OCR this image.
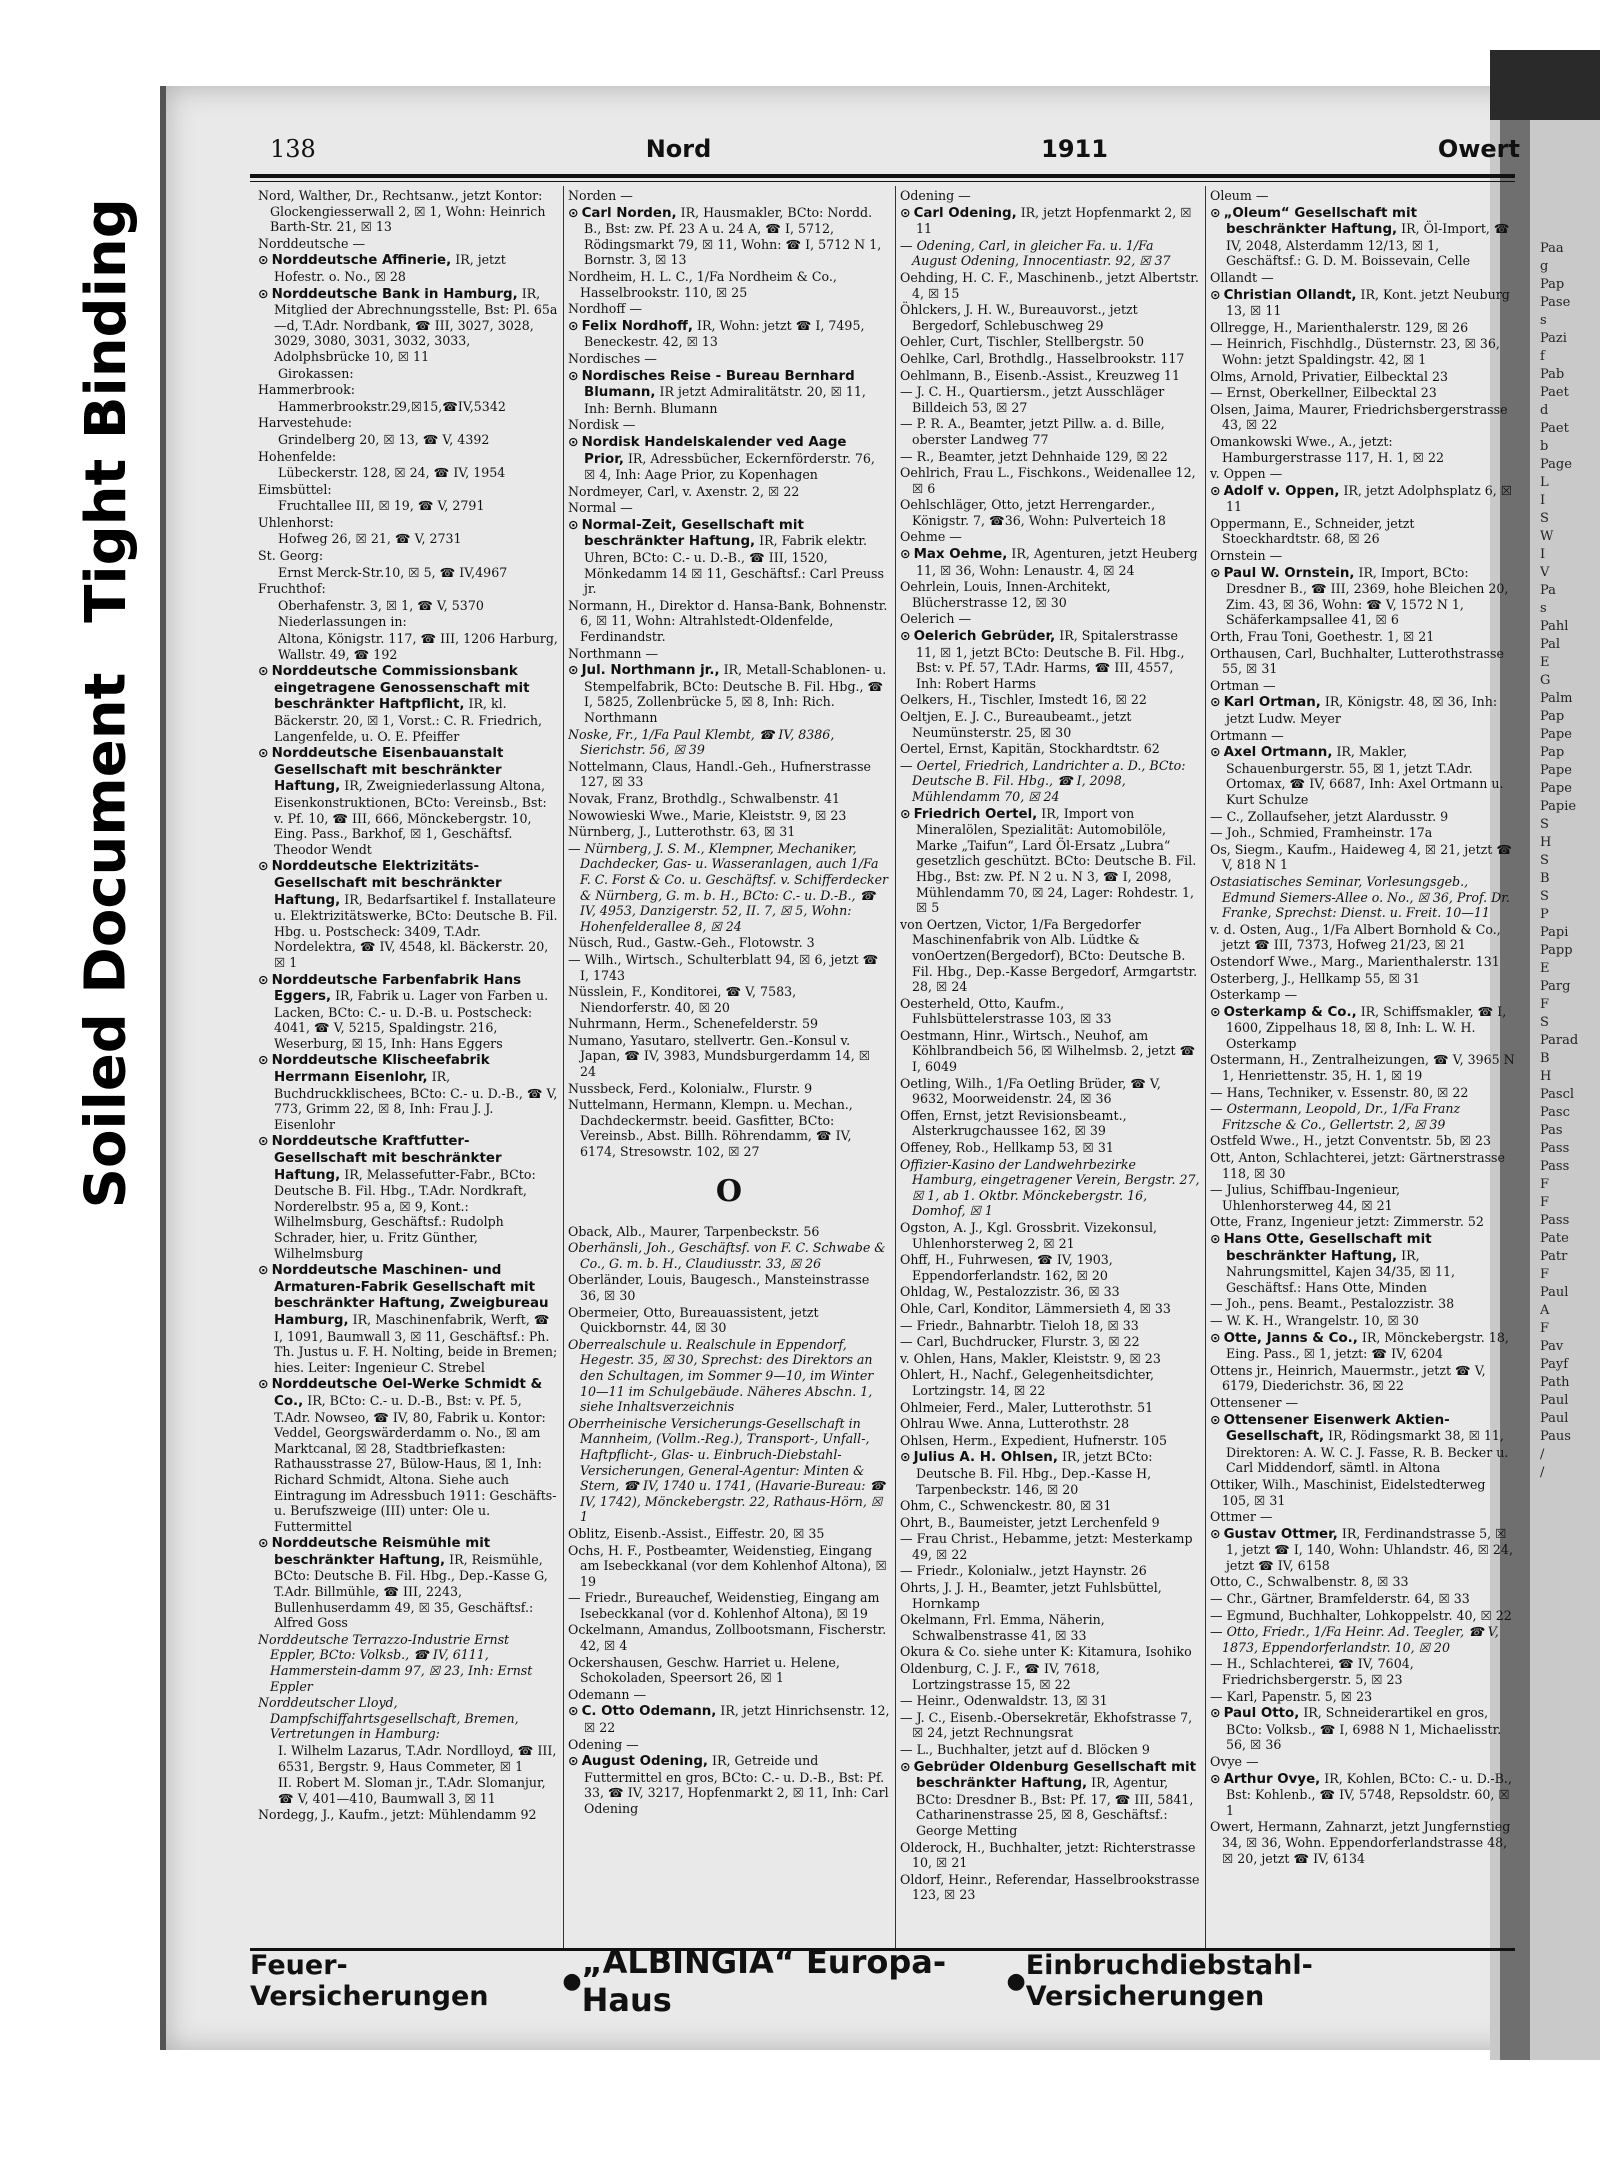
Tight Binding
Soiled Document
Paa
g
Pap
Pase
s
Pazi
f
Pab
Paet
d
Paet
b
Page
L
I
S
W
I
V
Pa
s
Pahl
Pal
E
G
Palm
Pap
Pape
Pap
Pape
Pape
Papie
S
H
S
B
S
P
Papi
Papp
E
Parg
F
S
Parad
B
H
Pascl
Pasc
Pas
Pass
Pass
F
F
Pass
Pate
Patr
F
Paul
A
F
Pav
Payf
Path
Paul
Paul
Paus
/
/
138	Nord	1911	Owert
Nord, Walther, Dr., Rechtsanw., jetzt Kontor: Glockengiesserwall 2, ☒ 1, Wohn: Heinrich Barth-Str. 21, ☒ 13
Norddeutsche —
⊙ Norddeutsche Affinerie, IR, jetzt Hofestr. o. No., ☒ 28
⊙ Norddeutsche Bank in Hamburg, IR, Mitglied der Abrechnungsstelle, Bst: Pl. 65a—d, T.Adr. Nordbank, ☎ III, 3027, 3028, 3029, 3080, 3031, 3032, 3033, Adolphsbrücke 10, ☒ 11
Girokassen:
Hammerbrook:
Hammerbrookstr.29,☒15,☎IV,5342
Harvestehude:
Grindelberg 20, ☒ 13, ☎ V, 4392
Hohenfelde:
Lübeckerstr. 128, ☒ 24, ☎ IV, 1954
Eimsbüttel:
Fruchtallee III, ☒ 19, ☎ V, 2791
Uhlenhorst:
Hofweg 26, ☒ 21, ☎ V, 2731
St. Georg:
Ernst Merck-Str.10, ☒ 5, ☎ IV,4967
Fruchthof:
Oberhafenstr. 3, ☒ 1, ☎ V, 5370
Niederlassungen in:
Altona, Königstr. 117, ☎ III, 1206 Harburg, Wallstr. 49, ☎ 192
⊙ Norddeutsche Commissionsbank eingetragene Genossenschaft mit beschränkter Haftpflicht, IR, kl. Bäckerstr. 20, ☒ 1, Vorst.: C. R. Friedrich, Langenfelde, u. O. E. Pfeiffer
⊙ Norddeutsche Eisenbauanstalt Gesellschaft mit beschränkter Haftung, IR, Zweigniederlassung Altona, Eisenkonstruktionen, BCto: Vereinsb., Bst: v. Pf. 10, ☎ III, 666, Mönckebergstr. 10, Eing. Pass., Barkhof, ☒ 1, Geschäftsf. Theodor Wendt
⊙ Norddeutsche Elektrizitäts-Gesellschaft mit beschränkter Haftung, IR, Bedarfsartikel f. Installateure u. Elektrizitätswerke, BCto: Deutsche B. Fil. Hbg. u. Postscheck: 3409, T.Adr. Nordelektra, ☎ IV, 4548, kl. Bäckerstr. 20, ☒ 1
⊙ Norddeutsche Farbenfabrik Hans Eggers, IR, Fabrik u. Lager von Farben u. Lacken, BCto: C.- u. D.-B. u. Postscheck: 4041, ☎ V, 5215, Spaldingstr. 216, Weserburg, ☒ 15, Inh: Hans Eggers
⊙ Norddeutsche Klischeefabrik Herrmann Eisenlohr, IR, Buchdruckklischees, BCto: C.- u. D.-B., ☎ V, 773, Grimm 22, ☒ 8, Inh: Frau J. J. Eisenlohr
⊙ Norddeutsche Kraftfutter-Gesellschaft mit beschränkter Haftung, IR, Melassefutter-Fabr., BCto: Deutsche B. Fil. Hbg., T.Adr. Nordkraft, Norderelbstr. 95 a, ☒ 9, Kont.: Wilhelmsburg, Geschäftsf.: Rudolph Schrader, hier, u. Fritz Günther, Wilhelmsburg
⊙ Norddeutsche Maschinen- und Armaturen-Fabrik Gesellschaft mit beschränkter Haftung, Zweigbureau Hamburg, IR, Maschinenfabrik, Werft, ☎ I, 1091, Baumwall 3, ☒ 11, Geschäftsf.: Ph. Th. Justus u. F. H. Nolting, beide in Bremen; hies. Leiter: Ingenieur C. Strebel
⊙ Norddeutsche Oel-Werke Schmidt & Co., IR, BCto: C.- u. D.-B., Bst: v. Pf. 5, T.Adr. Nowseo, ☎ IV, 80, Fabrik u. Kontor: Veddel, Georgswärderdamm o. No., ☒ am Marktcanal, ☒ 28, Stadtbriefkasten: Rathausstrasse 27, Bülow-Haus, ☒ 1, Inh: Richard Schmidt, Altona. Siehe auch Eintragung im Adressbuch 1911: Geschäfts- u. Berufszweige (III) unter: Ole u. Futtermittel
⊙ Norddeutsche Reismühle mit beschränkter Haftung, IR, Reismühle, BCto: Deutsche B. Fil. Hbg., Dep.-Kasse G, T.Adr. Billmühle, ☎ III, 2243, Bullenhuserdamm 49, ☒ 35, Geschäftsf.: Alfred Goss
Norddeutsche Terrazzo-Industrie Ernst Eppler, BCto: Volksb., ☎ IV, 6111, Hammerstein-damm 97, ☒ 23, Inh: Ernst Eppler
Norddeutscher Lloyd, Dampfschiffahrtsgesellschaft, Bremen, Vertretungen in Hamburg:
I. Wilhelm Lazarus, T.Adr. Nordlloyd, ☎ III, 6531, Bergstr. 9, Haus Commeter, ☒ 1
II. Robert M. Sloman jr., T.Adr. Slomanjur, ☎ V, 401—410, Baumwall 3, ☒ 11
Nordegg, J., Kaufm., jetzt: Mühlendamm 92
Norden —
⊙ Carl Norden, IR, Hausmakler, BCto: Nordd. B., Bst: zw. Pf. 23 A u. 24 A, ☎ I, 5712, Rödingsmarkt 79, ☒ 11, Wohn: ☎ I, 5712 N 1, Bornstr. 3, ☒ 13
Nordheim, H. L. C., 1/Fa Nordheim & Co., Hasselbrookstr. 110, ☒ 25
Nordhoff —
⊙ Felix Nordhoff, IR, Wohn: jetzt ☎ I, 7495, Beneckestr. 42, ☒ 13
Nordisches —
⊙ Nordisches Reise - Bureau Bernhard Blumann, IR jetzt Admiralitätstr. 20, ☒ 11, Inh: Bernh. Blumann
Nordisk —
⊙ Nordisk Handelskalender ved Aage Prior, IR, Adressbücher, Eckernförderstr. 76, ☒ 4, Inh: Aage Prior, zu Kopenhagen
Nordmeyer, Carl, v. Axenstr. 2, ☒ 22
Normal —
⊙ Normal-Zeit, Gesellschaft mit beschränkter Haftung, IR, Fabrik elektr. Uhren, BCto: C.- u. D.-B., ☎ III, 1520, Mönkedamm 14 ☒ 11, Geschäftsf.: Carl Preuss jr.
Normann, H., Direktor d. Hansa-Bank, Bohnenstr. 6, ☒ 11, Wohn: Altrahlstedt-Oldenfelde, Ferdinandstr.
Northmann —
⊙ Jul. Northmann jr., IR, Metall-Schablonen- u. Stempelfabrik, BCto: Deutsche B. Fil. Hbg., ☎ I, 5825, Zollenbrücke 5, ☒ 8, Inh: Rich. Northmann
Noske, Fr., 1/Fa Paul Klembt, ☎ IV, 8386, Sierichstr. 56, ☒ 39
Nottelmann, Claus, Handl.-Geh., Hufnerstrasse 127, ☒ 33
Novak, Franz, Brothdlg., Schwalbenstr. 41
Nowowieski Wwe., Marie, Kleiststr. 9, ☒ 23
Nürnberg, J., Lutterothstr. 63, ☒ 31
— Nürnberg, J. S. M., Klempner, Mechaniker, Dachdecker, Gas- u. Wasseranlagen, auch 1/Fa F. C. Forst & Co. u. Geschäftsf. v. Schifferdecker & Nürnberg, G. m. b. H., BCto: C.- u. D.-B., ☎ IV, 4953, Danzigerstr. 52, II. 7, ☒ 5, Wohn: Hohenfelderallee 8, ☒ 24
Nüsch, Rud., Gastw.-Geh., Flotowstr. 3
— Wilh., Wirtsch., Schulterblatt 94, ☒ 6, jetzt ☎ I, 1743
Nüsslein, F., Konditorei, ☎ V, 7583, Niendorferstr. 40, ☒ 20
Nuhrmann, Herm., Schenefelderstr. 59
Numano, Yasutaro, stellvertr. Gen.-Konsul v. Japan, ☎ IV, 3983, Mundsburgerdamm 14, ☒ 24
Nussbeck, Ferd., Kolonialw., Flurstr. 9
Nuttelmann, Hermann, Klempn. u. Mechan., Dachdeckermstr. beeid. Gasfitter, BCto: Vereinsb., Abst. Billh. Röhrendamm, ☎ IV, 6174, Stresowstr. 102, ☒ 27
O
Oback, Alb., Maurer, Tarpenbeckstr. 56
Oberhänsli, Joh., Geschäftsf. von F. C. Schwabe & Co., G. m. b. H., Claudiusstr. 33, ☒ 26
Oberländer, Louis, Baugesch., Mansteinstrasse 36, ☒ 30
Obermeier, Otto, Bureauassistent, jetzt Quickbornstr. 44, ☒ 30
Oberrealschule u. Realschule in Eppendorf, Hegestr. 35, ☒ 30, Sprechst: des Direktors an den Schultagen, im Sommer 9—10, im Winter 10—11 im Schulgebäude. Näheres Abschn. 1, siehe Inhaltsverzeichnis
Oberrheinische Versicherungs-Gesellschaft in Mannheim, (Vollm.-Reg.), Transport-, Unfall-, Haftpflicht-, Glas- u. Einbruch-Diebstahl-Versicherungen, General-Agentur: Minten & Stern, ☎ IV, 1740 u. 1741, (Havarie-Bureau: ☎ IV, 1742), Mönckebergstr. 22, Rathaus-Hörn, ☒ 1
Oblitz, Eisenb.-Assist., Eiffestr. 20, ☒ 35
Ochs, H. F., Postbeamter, Weidenstieg, Eingang am Isebeckkanal (vor dem Kohlenhof Altona), ☒ 19
— Friedr., Bureauchef, Weidenstieg, Eingang am Isebeckkanal (vor d. Kohlenhof Altona), ☒ 19
Ockelmann, Amandus, Zollbootsmann, Fischerstr. 42, ☒ 4
Ockershausen, Geschw. Harriet u. Helene, Schokoladen, Speersort 26, ☒ 1
Odemann —
⊙ C. Otto Odemann, IR, jetzt Hinrichsenstr. 12, ☒ 22
Odening —
⊙ August Odening, IR, Getreide und Futtermittel en gros, BCto: C.- u. D.-B., Bst: Pf. 33, ☎ IV, 3217, Hopfenmarkt 2, ☒ 11, Inh: Carl Odening
Odening —
⊙ Carl Odening, IR, jetzt Hopfenmarkt 2, ☒ 11
— Odening, Carl, in gleicher Fa. u. 1/Fa August Odening, Innocentiastr. 92, ☒ 37
Oehding, H. C. F., Maschinenb., jetzt Albertstr. 4, ☒ 15
Öhlckers, J. H. W., Bureauvorst., jetzt Bergedorf, Schlebuschweg 29
Oehler, Curt, Tischler, Stellbergstr. 50
Oehlke, Carl, Brothdlg., Hasselbrookstr. 117
Oehlmann, B., Eisenb.-Assist., Kreuzweg 11
— J. C. H., Quartiersm., jetzt Ausschläger Billdeich 53, ☒ 27
— P. R. A., Beamter, jetzt Pillw. a. d. Bille, oberster Landweg 77
— R., Beamter, jetzt Dehnhaide 129, ☒ 22
Oehlrich, Frau L., Fischkons., Weidenallee 12, ☒ 6
Oehlschläger, Otto, jetzt Herrengarder., Königstr. 7, ☎36, Wohn: Pulverteich 18
Oehme —
⊙ Max Oehme, IR, Agenturen, jetzt Heuberg 11, ☒ 36, Wohn: Lenaustr. 4, ☒ 24
Oehrlein, Louis, Innen-Architekt, Blücherstrasse 12, ☒ 30
Oelerich —
⊙ Oelerich Gebrüder, IR, Spitalerstrasse 11, ☒ 1, jetzt BCto: Deutsche B. Fil. Hbg., Bst: v. Pf. 57, T.Adr. Harms, ☎ III, 4557, Inh: Robert Harms
Oelkers, H., Tischler, Imstedt 16, ☒ 22
Oeltjen, E. J. C., Bureaubeamt., jetzt Neumünsterstr. 25, ☒ 30
Oertel, Ernst, Kapitän, Stockhardtstr. 62
— Oertel, Friedrich, Landrichter a. D., BCto: Deutsche B. Fil. Hbg., ☎ I, 2098, Mühlendamm 70, ☒ 24
⊙ Friedrich Oertel, IR, Import von Mineralölen, Spezialität: Automobilöle, Marke „Taifun“, Lard Öl-Ersatz „Lubra“ gesetzlich geschützt. BCto: Deutsche B. Fil. Hbg., Bst: zw. Pf. N 2 u. N 3, ☎ I, 2098, Mühlendamm 70, ☒ 24, Lager: Rohdestr. 1, ☒ 5
von Oertzen, Victor, 1/Fa Bergedorfer Maschinenfabrik von Alb. Lüdtke & vonOertzen(Bergedorf), BCto: Deutsche B. Fil. Hbg., Dep.-Kasse Bergedorf, Armgartstr. 28, ☒ 24
Oesterheld, Otto, Kaufm., Fuhlsbüttelerstrasse 103, ☒ 33
Oestmann, Hinr., Wirtsch., Neuhof, am Köhlbrandbeich 56, ☒ Wilhelmsb. 2, jetzt ☎ I, 6049
Oetling, Wilh., 1/Fa Oetling Brüder, ☎ V, 9632, Moorweidenstr. 24, ☒ 36
Offen, Ernst, jetzt Revisionsbeamt., Alsterkrugchaussee 162, ☒ 39
Offeney, Rob., Hellkamp 53, ☒ 31
Offizier-Kasino der Landwehrbezirke Hamburg, eingetragener Verein, Bergstr. 27, ☒ 1, ab 1. Oktbr. Mönckebergstr. 16, Domhof, ☒ 1
Ogston, A. J., Kgl. Grossbrit. Vizekonsul, Uhlenhorsterweg 2, ☒ 21
Ohff, H., Fuhrwesen, ☎ IV, 1903, Eppendorferlandstr. 162, ☒ 20
Ohldag, W., Pestalozzistr. 36, ☒ 33
Ohle, Carl, Konditor, Lämmersieth 4, ☒ 33
— Friedr., Bahnarbtr. Tieloh 18, ☒ 33
— Carl, Buchdrucker, Flurstr. 3, ☒ 22
v. Ohlen, Hans, Makler, Kleiststr. 9, ☒ 23
Ohlert, H., Nachf., Gelegenheitsdichter, Lortzingstr. 14, ☒ 22
Ohlmeier, Ferd., Maler, Lutterothstr. 51
Ohlrau Wwe. Anna, Lutterothstr. 28
Ohlsen, Herm., Expedient, Hufnerstr. 105
⊙ Julius A. H. Ohlsen, IR, jetzt BCto: Deutsche B. Fil. Hbg., Dep.-Kasse H, Tarpenbeckstr. 146, ☒ 20
Ohm, C., Schwenckestr. 80, ☒ 31
Ohrt, B., Baumeister, jetzt Lerchenfeld 9
— Frau Christ., Hebamme, jetzt: Mesterkamp 49, ☒ 22
— Friedr., Kolonialw., jetzt Haynstr. 26
Ohrts, J. J. H., Beamter, jetzt Fuhlsbüttel, Hornkamp
Okelmann, Frl. Emma, Näherin, Schwalbenstrasse 41, ☒ 33
Okura & Co. siehe unter K: Kitamura, Isohiko
Oldenburg, C. J. F., ☎ IV, 7618, Lortzingstrasse 15, ☒ 22
— Heinr., Odenwaldstr. 13, ☒ 31
— J. C., Eisenb.-Obersekretär, Ekhofstrasse 7, ☒ 24, jetzt Rechnungsrat
— L., Buchhalter, jetzt auf d. Blöcken 9
⊙ Gebrüder Oldenburg Gesellschaft mit beschränkter Haftung, IR, Agentur, BCto: Dresdner B., Bst: Pf. 17, ☎ III, 5841, Catharinenstrasse 25, ☒ 8, Geschäftsf.: George Metting
Olderock, H., Buchhalter, jetzt: Richterstrasse 10, ☒ 21
Oldorf, Heinr., Referendar, Hasselbrookstrasse 123, ☒ 23
Oleum —
⊙ „Oleum“ Gesellschaft mit beschränkter Haftung, IR, Öl-Import, ☎ IV, 2048, Alsterdamm 12/13, ☒ 1, Geschäftsf.: G. D. M. Boissevain, Celle
Ollandt —
⊙ Christian Ollandt, IR, Kont. jetzt Neuburg 13, ☒ 11
Ollregge, H., Marienthalerstr. 129, ☒ 26
— Heinrich, Fischhdlg., Düsternstr. 23, ☒ 36, Wohn: jetzt Spaldingstr. 42, ☒ 1
Olms, Arnold, Privatier, Eilbecktal 23
— Ernst, Oberkellner, Eilbecktal 23
Olsen, Jaima, Maurer, Friedrichsbergerstrasse 43, ☒ 22
Omankowski Wwe., A., jetzt: Hamburgerstrasse 117, H. 1, ☒ 22
v. Oppen —
⊙ Adolf v. Oppen, IR, jetzt Adolphsplatz 6, ☒ 11
Oppermann, E., Schneider, jetzt Stoeckhardtstr. 68, ☒ 26
Ornstein —
⊙ Paul W. Ornstein, IR, Import, BCto: Dresdner B., ☎ III, 2369, hohe Bleichen 20, Zim. 43, ☒ 36, Wohn: ☎ V, 1572 N 1, Schäferkampsallee 41, ☒ 6
Orth, Frau Toni, Goethestr. 1, ☒ 21
Orthausen, Carl, Buchhalter, Lutterothstrasse 55, ☒ 31
Ortman —
⊙ Karl Ortman, IR, Königstr. 48, ☒ 36, Inh: jetzt Ludw. Meyer
Ortmann —
⊙ Axel Ortmann, IR, Makler, Schauenburgerstr. 55, ☒ 1, jetzt T.Adr. Ortomax, ☎ IV, 6687, Inh: Axel Ortmann u. Kurt Schulze
— C., Zollaufseher, jetzt Alardusstr. 9
— Joh., Schmied, Framheinstr. 17a
Os, Siegm., Kaufm., Haideweg 4, ☒ 21, jetzt ☎ V, 818 N 1
Ostasiatisches Seminar, Vorlesungsgeb., Edmund Siemers-Allee o. No., ☒ 36, Prof. Dr. Franke, Sprechst: Dienst. u. Freit. 10—11
v. d. Osten, Aug., 1/Fa Albert Bornhold & Co., jetzt ☎ III, 7373, Hofweg 21/23, ☒ 21
Ostendorf Wwe., Marg., Marienthalerstr. 131
Osterberg, J., Hellkamp 55, ☒ 31
Osterkamp —
⊙ Osterkamp & Co., IR, Schiffsmakler, ☎ I, 1600, Zippelhaus 18, ☒ 8, Inh: L. W. H. Osterkamp
Ostermann, H., Zentralheizungen, ☎ V, 3965 N 1, Henriettenstr. 35, H. 1, ☒ 19
— Hans, Techniker, v. Essenstr. 80, ☒ 22
— Ostermann, Leopold, Dr., 1/Fa Franz Fritzsche & Co., Gellertstr. 2, ☒ 39
Ostfeld Wwe., H., jetzt Conventstr. 5b, ☒ 23
Ott, Anton, Schlachterei, jetzt: Gärtnerstrasse 118, ☒ 30
— Julius, Schiffbau-Ingenieur, Uhlenhorsterweg 44, ☒ 21
Otte, Franz, Ingenieur jetzt: Zimmerstr. 52
⊙ Hans Otte, Gesellschaft mit beschränkter Haftung, IR, Nahrungsmittel, Kajen 34/35, ☒ 11, Geschäftsf.: Hans Otte, Minden
— Joh., pens. Beamt., Pestalozzistr. 38
— W. K. H., Wrangelstr. 10, ☒ 30
⊙ Otte, Janns & Co., IR, Mönckebergstr. 18, Eing. Pass., ☒ 1, jetzt: ☎ IV, 6204
Ottens jr., Heinrich, Mauermstr., jetzt ☎ V, 6179, Diederichstr. 36, ☒ 22
Ottensener —
⊙ Ottensener Eisenwerk Aktien-Gesellschaft, IR, Rödingsmarkt 38, ☒ 11, Direktoren: A. W. C. J. Fasse, R. B. Becker u. Carl Middendorf, sämtl. in Altona
Ottiker, Wilh., Maschinist, Eidelstedterweg 105, ☒ 31
Ottmer —
⊙ Gustav Ottmer, IR, Ferdinandstrasse 5, ☒ 1, jetzt ☎ I, 140, Wohn: Uhlandstr. 46, ☒ 24, jetzt ☎ IV, 6158
Otto, C., Schwalbenstr. 8, ☒ 33
— Chr., Gärtner, Bramfelderstr. 64, ☒ 33
— Egmund, Buchhalter, Lohkoppelstr. 40, ☒ 22
— Otto, Friedr., 1/Fa Heinr. Ad. Teegler, ☎ V, 1873, Eppendorferlandstr. 10, ☒ 20
— H., Schlachterei, ☎ IV, 7604, Friedrichsbergerstr. 5, ☒ 23
— Karl, Papenstr. 5, ☒ 23
⊙ Paul Otto, IR, Schneiderartikel en gros, BCto: Volksb., ☎ I, 6988 N 1, Michaelisstr. 56, ☒ 36
Ovye —
⊙ Arthur Ovye, IR, Kohlen, BCto: C.- u. D.-B., Bst: Kohlenb., ☎ IV, 5748, Repsoldstr. 60, ☒ 1
Owert, Hermann, Zahnarzt, jetzt Jungfernstieg 34, ☒ 36, Wohn. Eppendorferlandstrasse 48, ☒ 20, jetzt ☎ IV, 6134
Feuer-Versicherungen	● „ALBINGIA“ Europa-Haus	● Einbruchdiebstahl-Versicherungen
